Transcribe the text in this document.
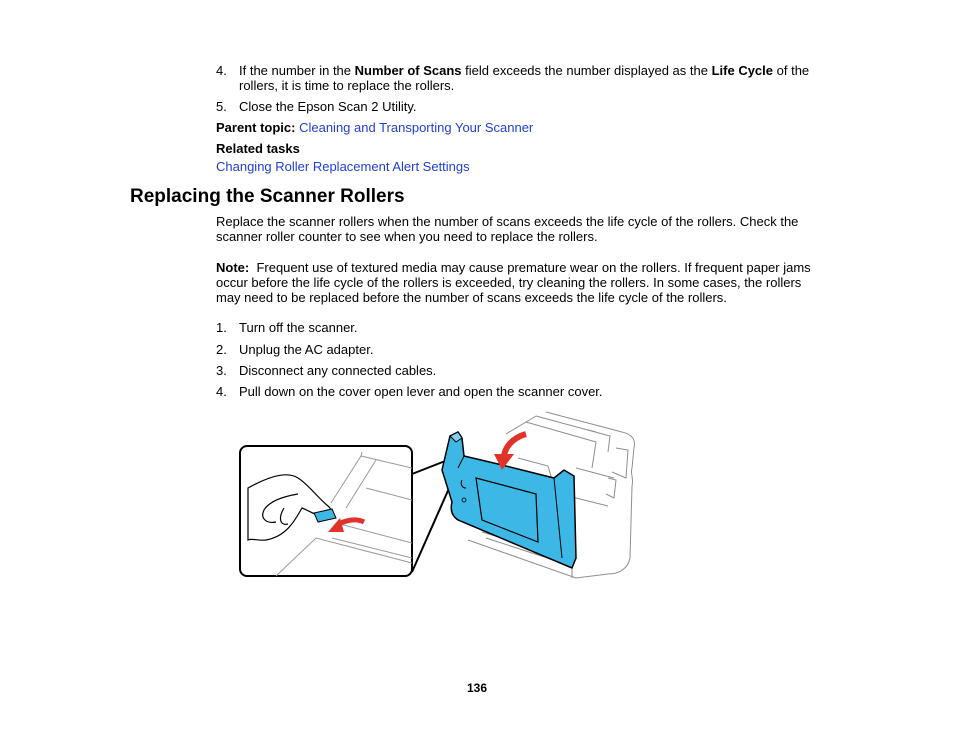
4. If the number in the Number of Scans field exceeds the number displayed as the Life Cycle of the rollers, it is time to replace the rollers.
5. Close the Epson Scan 2 Utility.
Parent topic: Cleaning and Transporting Your Scanner
Related tasks
Changing Roller Replacement Alert Settings
Replacing the Scanner Rollers
Replace the scanner rollers when the number of scans exceeds the life cycle of the rollers. Check the scanner roller counter to see when you need to replace the rollers.
Note: Frequent use of textured media may cause premature wear on the rollers. If frequent paper jams occur before the life cycle of the rollers is exceeded, try cleaning the rollers. In some cases, the rollers may need to be replaced before the number of scans exceeds the life cycle of the rollers.
1. Turn off the scanner.
2. Unplug the AC adapter.
3. Disconnect any connected cables.
4. Pull down on the cover open lever and open the scanner cover.
136
